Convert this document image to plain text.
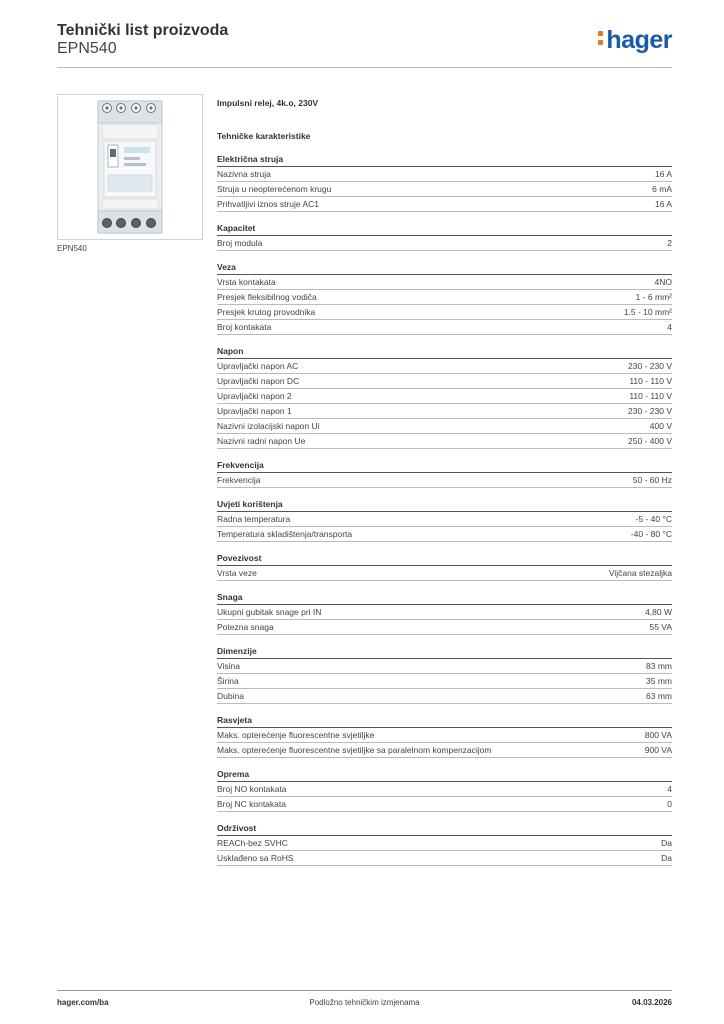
Tehnički list proizvoda
EPN540	hager
EPN540
Impulsni relej, 4k.o, 230V
Tehničke karakteristike
Električna struja
Nazivna struja	16 A
Struja u neopterećenom krugu	6 mA
Prihvatljivi iznos struje AC1	16 A
Kapacitet
Broj modula	2
Veza
Vrsta kontakata	4NO
Presjek fleksibilnog vodiča	1 - 6 mm²
Presjek krutog provodnika	1.5 - 10 mm²
Broj kontakata	4
Napon
Upravljački napon AC	230 - 230 V
Upravljački napon DC	110 - 110 V
Upravljački napon 2	110 - 110 V
Upravljački napon 1	230 - 230 V
Nazivni izolacijski napon Ui	400 V
Nazivni radni napon Ue	250 - 400 V
Frekvencija
Frekvencija	50 - 60 Hz
Uvjeti korištenja
Radna temperatura	-5 - 40 °C
Temperatura skladištenja/transporta	-40 - 80 °C
Povezivost
Vrsta veze	Vijčana stezaljka
Snaga
Ukupni gubitak snage pri IN	4,80 W
Potezna snaga	55 VA
Dimenzije
Visina	83 mm
Širina	35 mm
Dubina	63 mm
Rasvjeta
Maks. opterećenje fluorescentne svjetiljke	800 VA
Maks. opterećenje fluorescentne svjetiljke sa paralelnom kompenzacijom	900 VA
Oprema
Broj NO kontakata	4
Broj NC kontakata	0
Održivost
REACh-bez SVHC	Da
Usklađeno sa RoHS	Da
hager.com/ba	Podložno tehničkim izmjenama	04.03.2026
